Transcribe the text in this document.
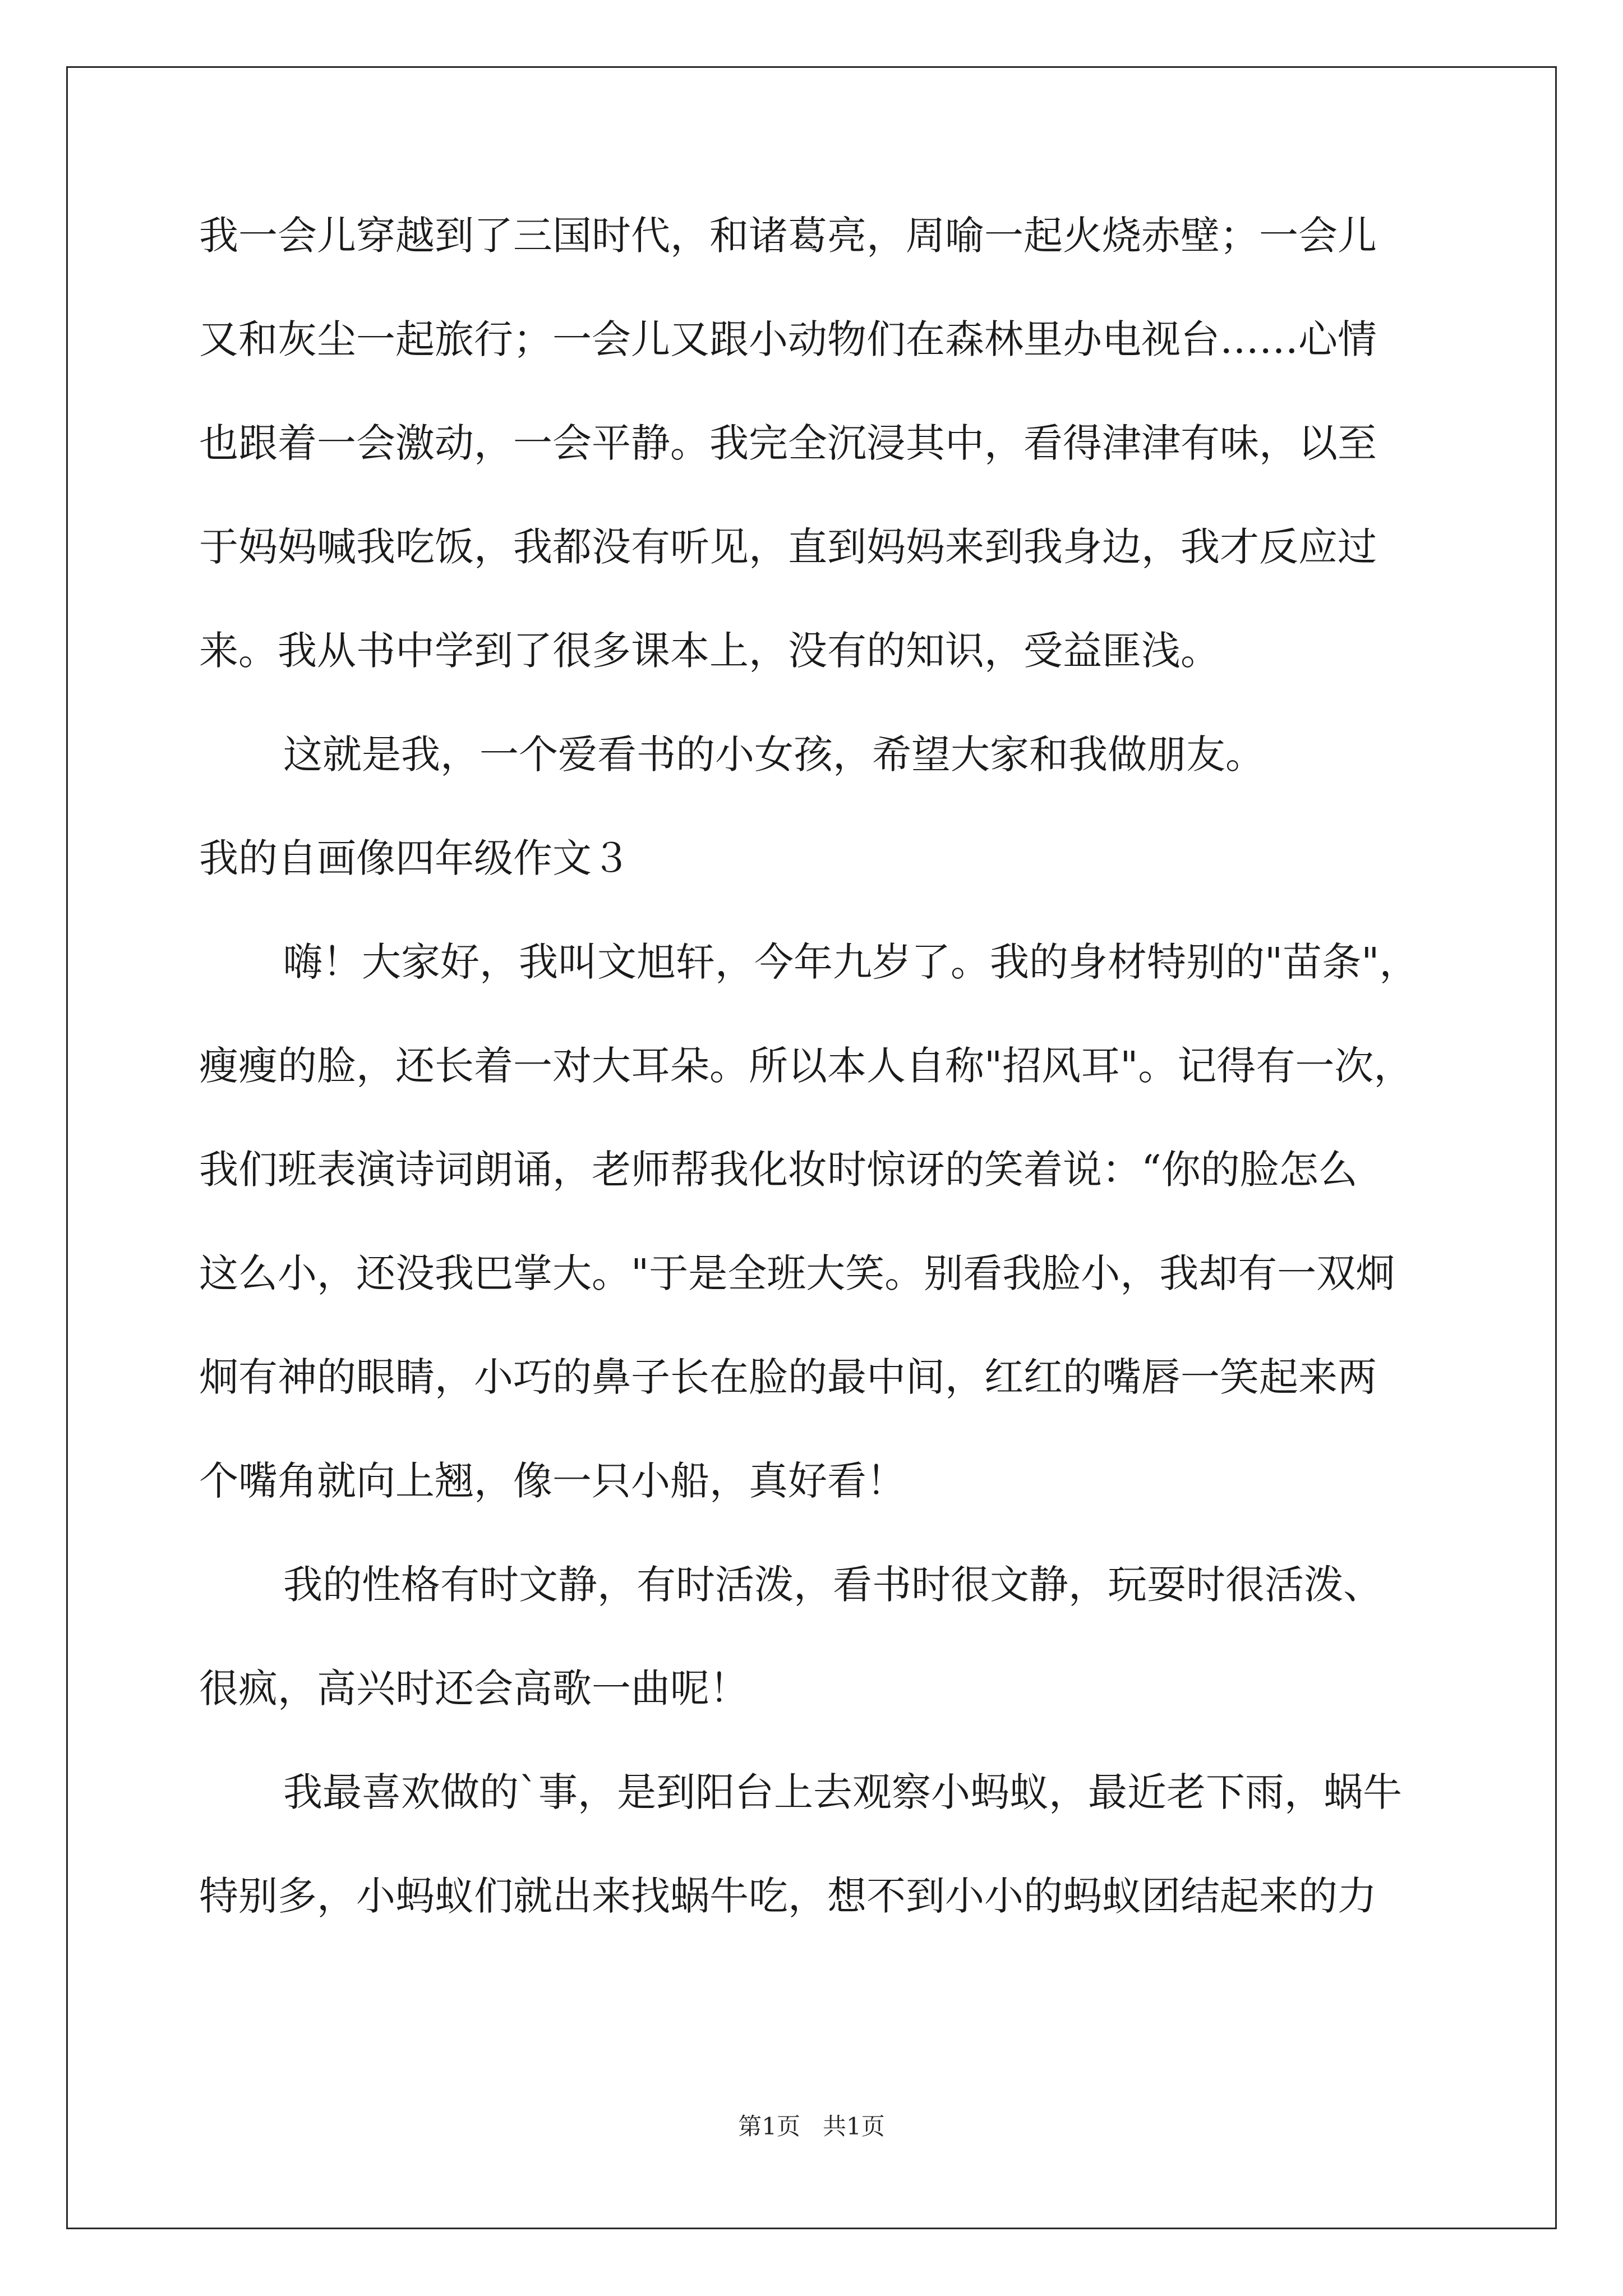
我一会儿穿越到了三国时代，和诸葛亮，周喻一起火烧赤壁；一会儿
又和灰尘一起旅行；一会儿又跟小动物们在森林里办电视台……心情
也跟着一会激动，一会平静。我完全沉浸其中，看得津津有味，以至
于妈妈喊我吃饭，我都没有听见，直到妈妈来到我身边，我才反应过
来。我从书中学到了很多课本上，没有的知识，受益匪浅。
这就是我，一个爱看书的小女孩，希望大家和我做朋友。
我的自画像四年级作文３
嗨！大家好，我叫文旭轩，今年九岁了。我的身材特别的"苗条"，
瘦瘦的脸，还长着一对大耳朵。所以本人自称"招风耳"。记得有一次，
我们班表演诗词朗诵，老师帮我化妆时惊讶的笑着说：“你的脸怎么
这么小，还没我巴掌大。"于是全班大笑。别看我脸小，我却有一双炯
炯有神的眼睛，小巧的鼻子长在脸的最中间，红红的嘴唇一笑起来两
个嘴角就向上翘，像一只小船，真好看！
我的性格有时文静，有时活泼，看书时很文静，玩耍时很活泼、
很疯，高兴时还会高歌一曲呢！
我最喜欢做的`事，是到阳台上去观察小蚂蚁，最近老下雨，蜗牛
特别多，小蚂蚁们就出来找蜗牛吃，想不到小小的蚂蚁团结起来的力
第1页   共1页
